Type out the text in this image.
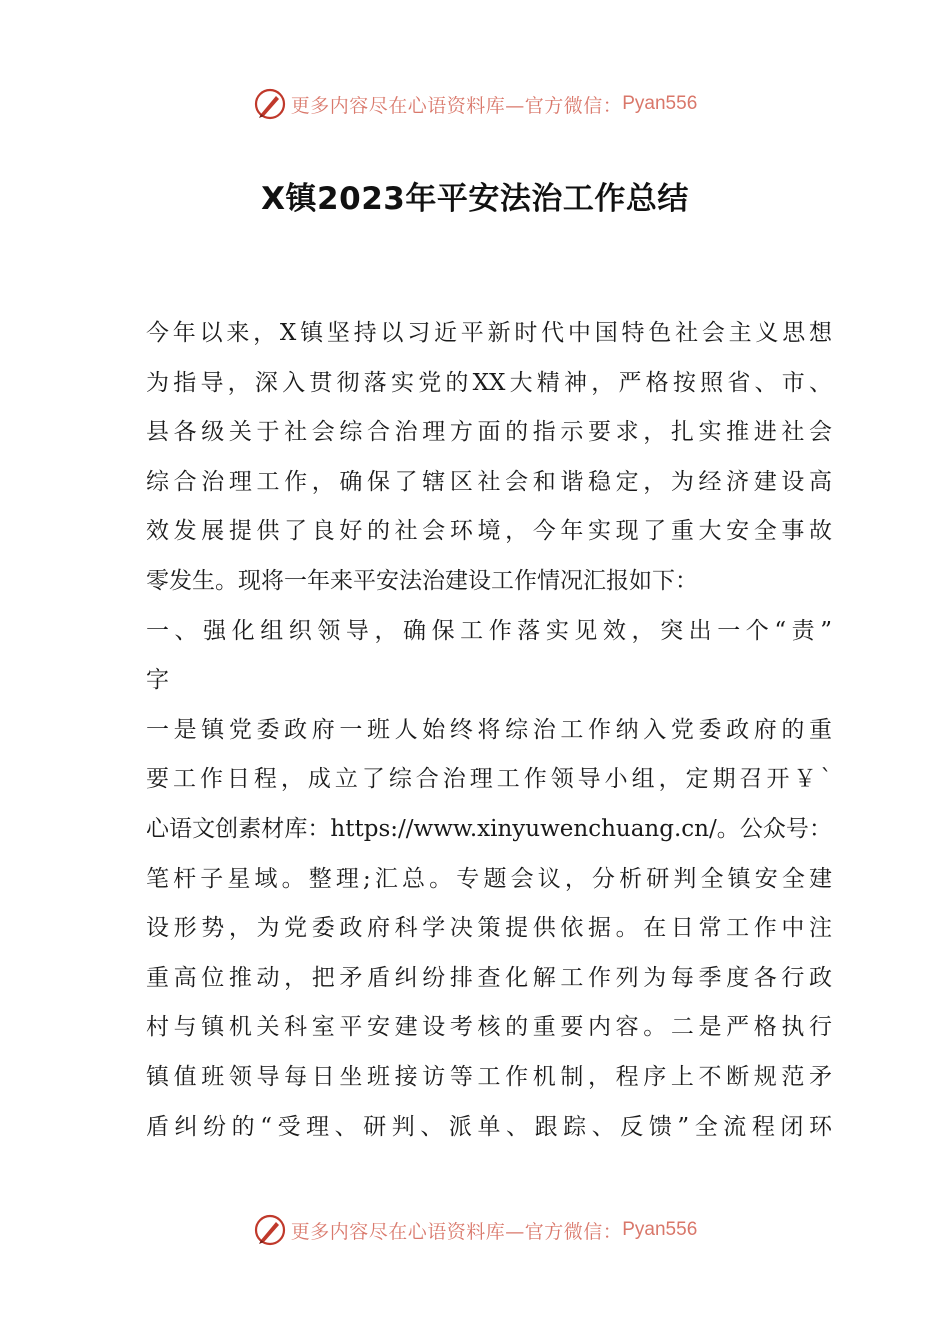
更多内容尽在心语资料库—官方微信： Pyan556
X镇2023年平安法治工作总结
今年以来，X镇坚持以习近平新时代中国特色社会主义思想
为指导，深入贯彻落实党的XX大精神，严格按照省、市、
县各级关于社会综合治理方面的指示要求，扎实推进社会
综合治理工作，确保了辖区社会和谐稳定，为经济建设高
效发展提供了良好的社会环境，今年实现了重大安全事故
零发生。现将一年来平安法治建设工作情况汇报如下：
一、强化组织领导，确保工作落实见效，突出一个“责”
字
一是镇党委政府一班人始终将综治工作纳入党委政府的重
要工作日程，成立了综合治理工作领导小组，定期召开￥`
心语文创素材库：https://www.xinyuwenchuang.cn/。公众号：
笔杆子星域。整理;汇总。专题会议，分析研判全镇安全建
设形势，为党委政府科学决策提供依据。在日常工作中注
重高位推动，把矛盾纠纷排查化解工作列为每季度各行政
村与镇机关科室平安建设考核的重要内容。二是严格执行
镇值班领导每日坐班接访等工作机制，程序上不断规范矛
盾纠纷的“受理、研判、派单、跟踪、反馈”全流程闭环
更多内容尽在心语资料库—官方微信： Pyan556
